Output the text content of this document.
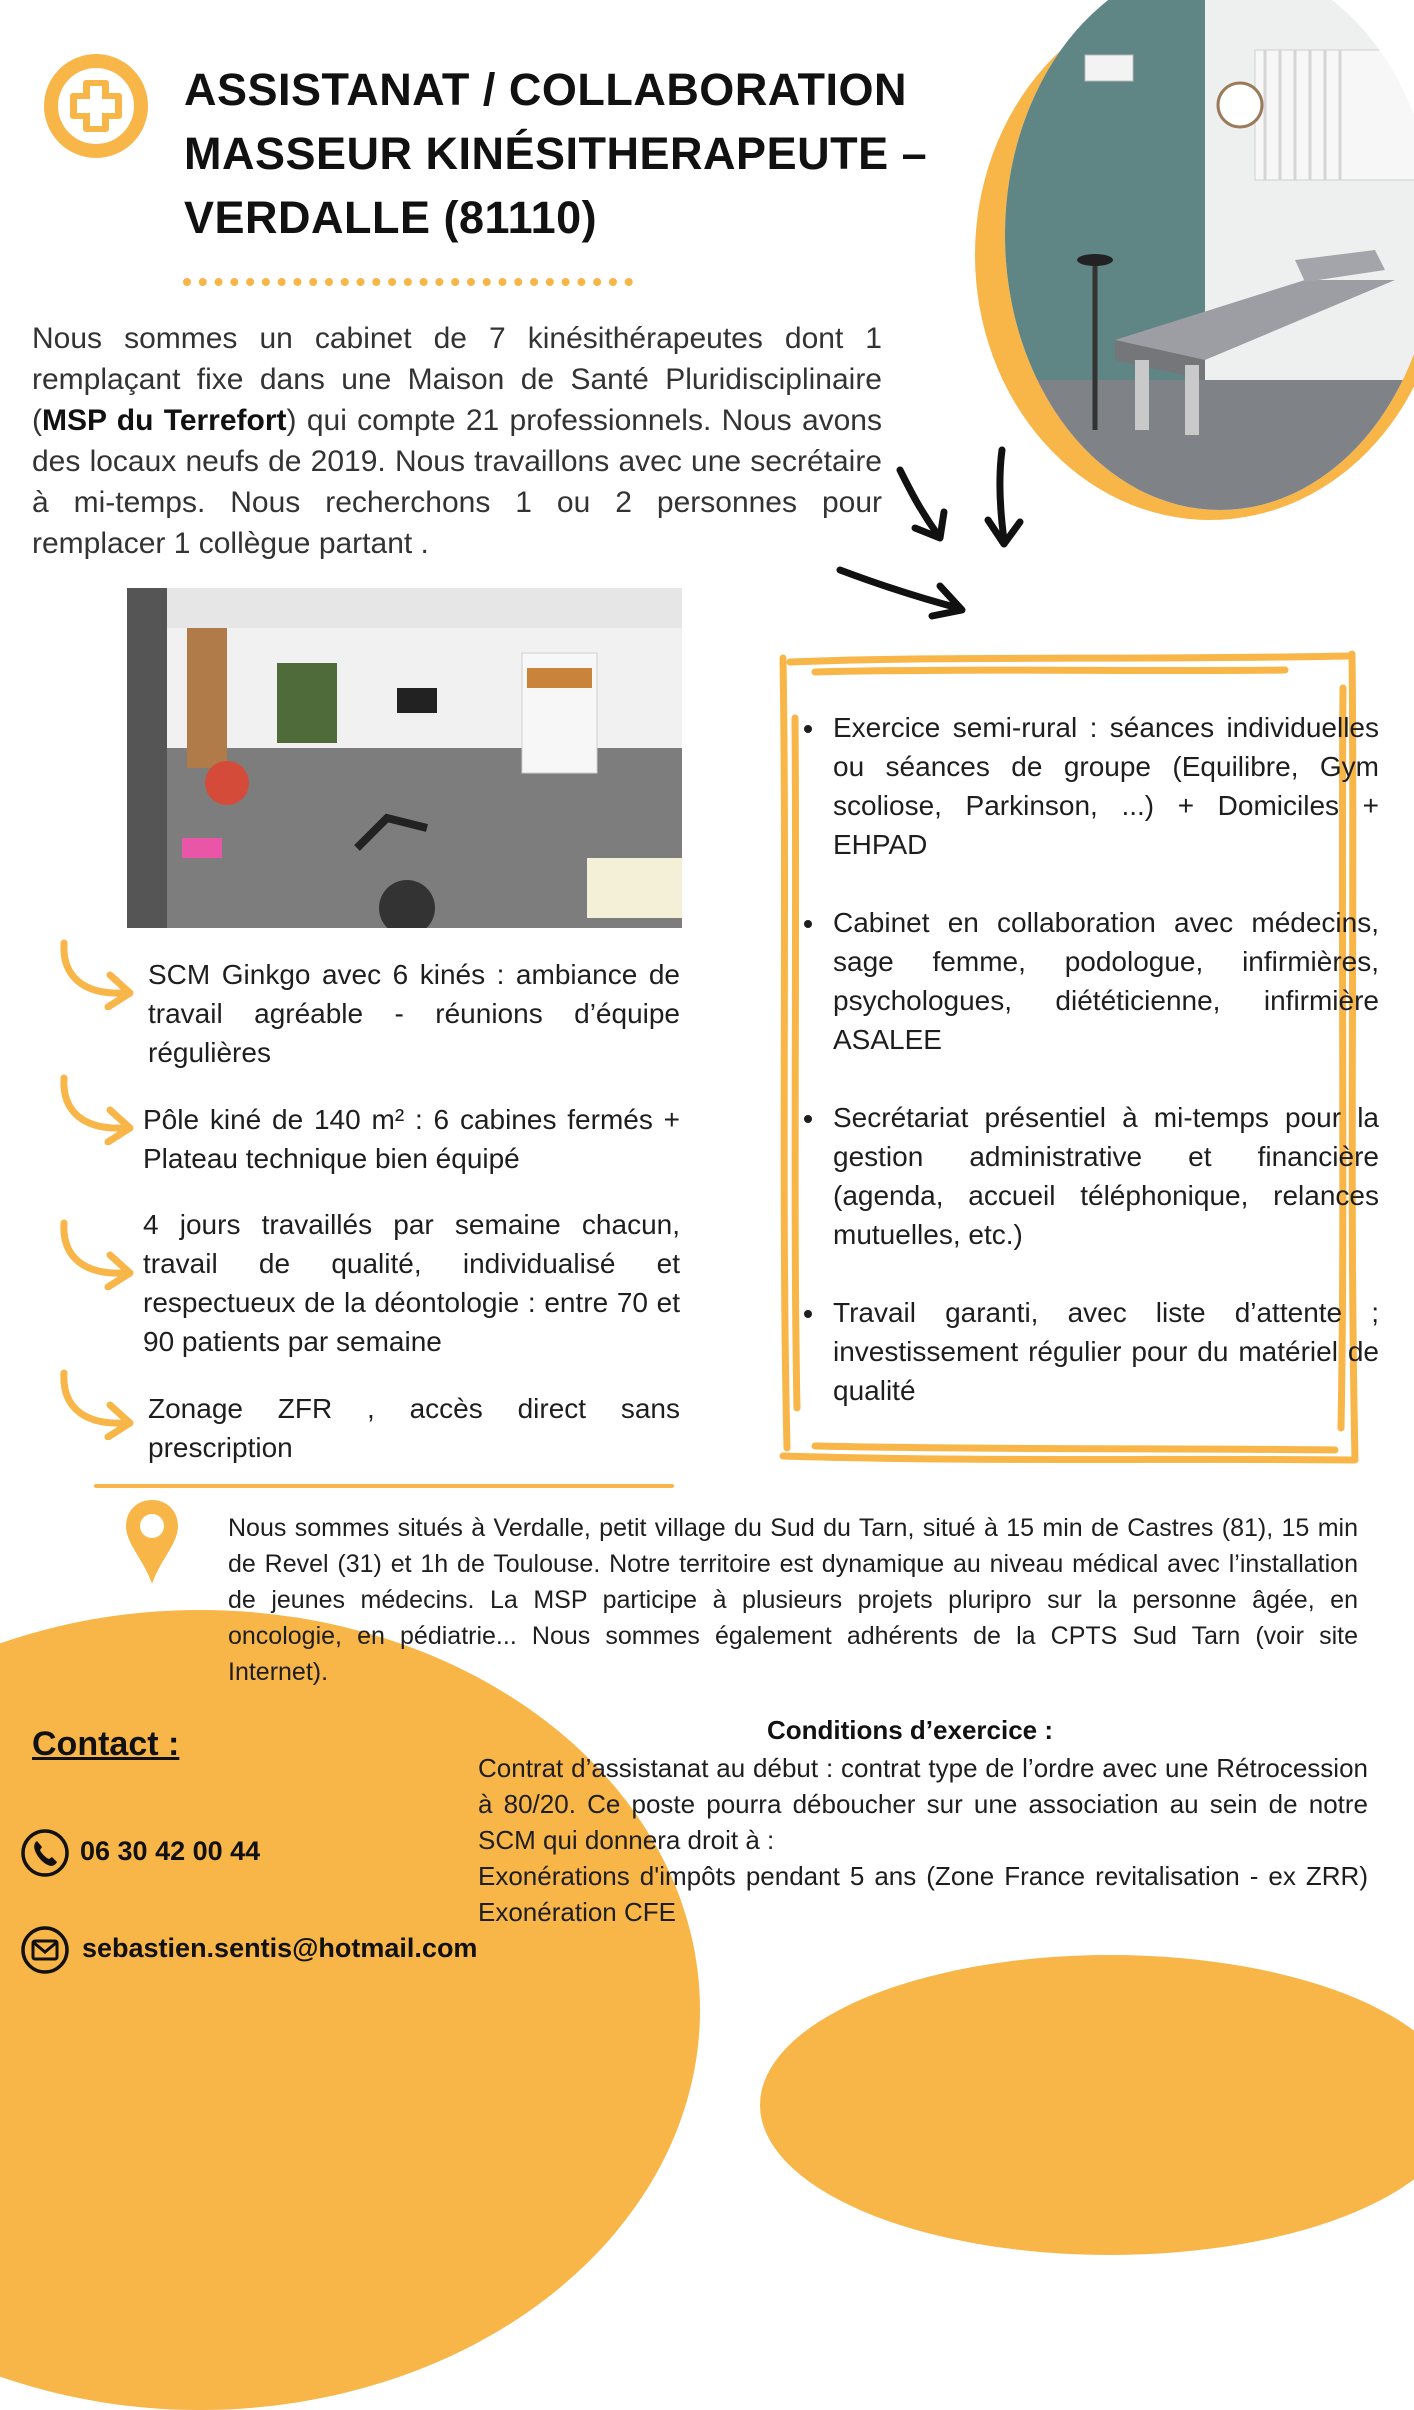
ASSISTANAT / COLLABORATION
MASSEUR KINÉSITHERAPEUTE –
VERDALLE (81110)
Nous sommes un cabinet de 7 kinésithérapeutes dont 1 remplaçant fixe dans une Maison de Santé Pluridisciplinaire (MSP du Terrefort) qui compte 21 professionnels. Nous avons des locaux neufs de 2019. Nous travaillons avec une secrétaire à mi-temps. Nous recherchons 1 ou 2 personnes pour remplacer 1 collègue partant .
SCM Ginkgo avec 6 kinés : ambiance de travail agréable - réunions d’équipe régulières
Pôle kiné de 140 m² : 6 cabines fermés + Plateau technique bien équipé
4 jours travaillés par semaine chacun, travail de qualité, individualisé et respectueux de la déontologie : entre 70 et 90 patients par semaine
Zonage ZFR , accès direct sans prescription
• Exercice semi-rural : séances individuelles ou séances de groupe (Equilibre, Gym scoliose, Parkinson, ...) + Domiciles + EHPAD
• Cabinet en collaboration avec médecins, sage femme, podologue, infirmières, psychologues, diététicienne, infirmière ASALEE
• Secrétariat présentiel à mi-temps pour la gestion administrative et financière (agenda, accueil téléphonique, relances mutuelles, etc.)
• Travail garanti, avec liste d’attente ; investissement régulier pour du matériel de qualité
Nous sommes situés à Verdalle, petit village du Sud du Tarn, situé à 15 min de Castres (81), 15 min de Revel (31) et 1h de Toulouse. Notre territoire est dynamique au niveau médical avec l’installation de jeunes médecins. La MSP participe à plusieurs projets pluripro sur la personne âgée, en oncologie, en pédiatrie... Nous sommes également adhérents de la CPTS Sud Tarn (voir site Internet).
Conditions d’exercice :
Contrat d’assistanat au début : contrat type de l’ordre avec une Rétrocession à 80/20. Ce poste pourra déboucher sur une association au sein de notre SCM qui donnera droit à :
Exonérations d'impôts pendant 5 ans (Zone France revitalisation - ex ZRR) Exonération CFE
Contact :
06 30 42 00 44
sebastien.sentis@hotmail.com
